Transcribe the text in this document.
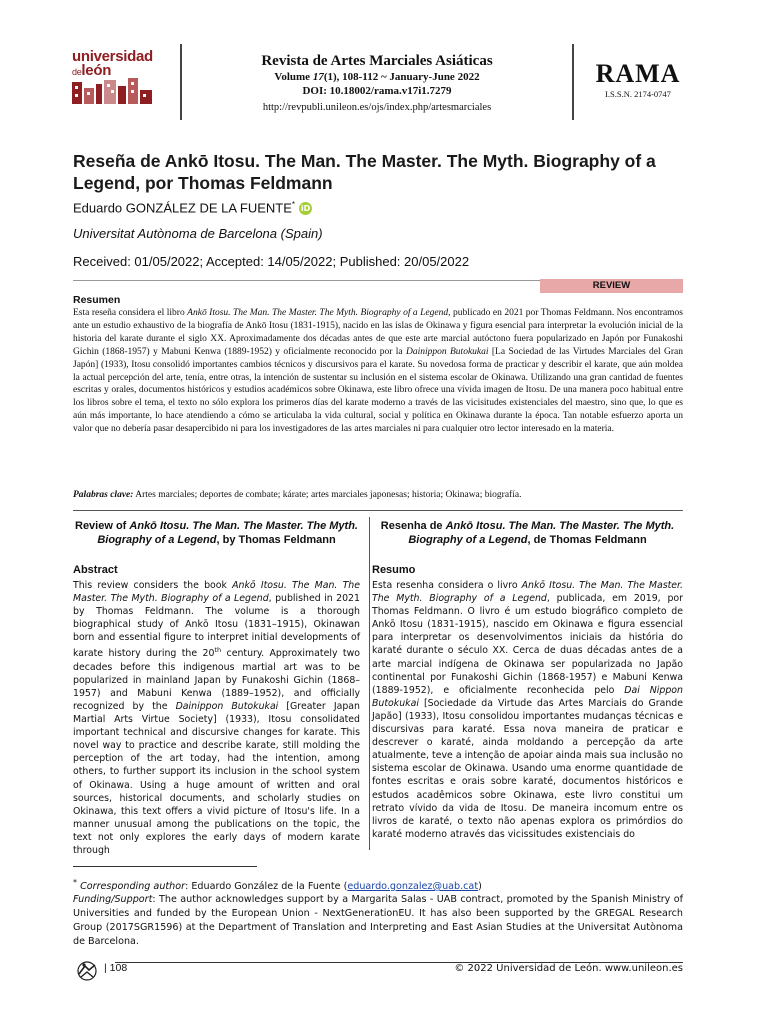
universidad
deleón
Revista de Artes Marciales Asiáticas
Volume 17(1), 108-112 ~ January-June 2022
DOI: 10.18002/rama.v17i1.7279
http://revpubli.unileon.es/ojs/index.php/artesmarciales
RAMA
I.S.S.N. 2174-0747
Reseña de Ankō Itosu. The Man. The Master. The Myth. Biography of a Legend, por Thomas Feldmann
Eduardo GONZÁLEZ DE LA FUENTE* iD
Universitat Autònoma de Barcelona (Spain)
Received: 01/05/2022; Accepted: 14/05/2022; Published: 20/05/2022
REVIEW
Resumen
Esta reseña considera el libro Ankō Itosu. The Man. The Master. The Myth. Biography of a Legend, publicado en 2021 por Thomas Feldmann. Nos encontramos ante un estudio exhaustivo de la biografía de Ankō Itosu (1831-1915), nacido en las islas de Okinawa y figura esencial para interpretar la evolución inicial de la historia del karate durante el siglo XX. Aproximadamente dos décadas antes de que este arte marcial autóctono fuera popularizado en Japón por Funakoshi Gichin (1868-1957) y Mabuni Kenwa (1889-1952) y oficialmente reconocido por la Dainippon Butokukai [La Sociedad de las Virtudes Marciales del Gran Japón] (1933), Itosu consolidó importantes cambios técnicos y discursivos para el karate. Su novedosa forma de practicar y describir el karate, que aún moldea la actual percepción del arte, tenía, entre otras, la intención de sustentar su inclusión en el sistema escolar de Okinawa. Utilizando una gran cantidad de fuentes escritas y orales, documentos históricos y estudios académicos sobre Okinawa, este libro ofrece una vívida imagen de Itosu. De una manera poco habitual entre los libros sobre el tema, el texto no sólo explora los primeros días del karate moderno a través de las vicisitudes existenciales del maestro, sino que, lo que es aún más importante, lo hace atendiendo a cómo se articulaba la vida cultural, social y política en Okinawa durante la época. Tan notable esfuerzo aporta un valor que no debería pasar desapercibido ni para los investigadores de las artes marciales ni para cualquier otro lector interesado en la materia.
Palabras clave: Artes marciales; deportes de combate; kárate; artes marciales japonesas; historia; Okinawa; biografía.
Review of Ankō Itosu. The Man. The Master. The Myth. Biography of a Legend, by Thomas Feldmann
Abstract
This review considers the book Ankō Itosu. The Man. The Master. The Myth. Biography of a Legend, published in 2021 by Thomas Feldmann. The volume is a thorough biographical study of Ankō Itosu (1831–1915), Okinawan born and essential figure to interpret initial developments of karate history during the 20th century. Approximately two decades before this indigenous martial art was to be popularized in mainland Japan by Funakoshi Gichin (1868–1957) and Mabuni Kenwa (1889–1952), and officially recognized by the Dainippon Butokukai [Greater Japan Martial Arts Virtue Society] (1933), Itosu consolidated important technical and discursive changes for karate. This novel way to practice and describe karate, still molding the perception of the art today, had the intention, among others, to further support its inclusion in the school system of Okinawa. Using a huge amount of written and oral sources, historical documents, and scholarly studies on Okinawa, this text offers a vivid picture of Itosu's life. In a manner unusual among the publications on the topic, the text not only explores the early days of modern karate through
Resenha de Ankō Itosu. The Man. The Master. The Myth. Biography of a Legend, de Thomas Feldmann
Resumo
Esta resenha considera o livro Ankō Itosu. The Man. The Master. The Myth. Biography of a Legend, publicada, em 2019, por Thomas Feldmann. O livro é um estudo biográfico completo de Ankō Itosu (1831-1915), nascido em Okinawa e figura essencial para interpretar os desenvolvimentos iniciais da história do karaté durante o século XX. Cerca de duas décadas antes de a arte marcial indígena de Okinawa ser popularizada no Japão continental por Funakoshi Gichin (1868-1957) e Mabuni Kenwa (1889-1952), e oficialmente reconhecida pelo Dai Nippon Butokukai [Sociedade da Virtude das Artes Marciais do Grande Japão] (1933), Itosu consolidou importantes mudanças técnicas e discursivas para karaté. Essa nova maneira de praticar e descrever o karaté, ainda moldando a percepção da arte atualmente, teve a intenção de apoiar ainda mais sua inclusão no sistema escolar de Okinawa. Usando uma enorme quantidade de fontes escritas e orais sobre karaté, documentos históricos e estudos acadêmicos sobre Okinawa, este livro constitui um retrato vívido da vida de Itosu. De maneira incomum entre os livros de karaté, o texto não apenas explora os primórdios do karaté moderno através das vicissitudes existenciais do
* Corresponding author: Eduardo González de la Fuente (eduardo.gonzalez@uab.cat)
Funding/Support: The author acknowledges support by a Margarita Salas - UAB contract, promoted by the Spanish Ministry of Universities and funded by the European Union - NextGenerationEU. It has also been supported by the GREGAL Research Group (2017SGR1596) at the Department of Translation and Interpreting and East Asian Studies at the Universitat Autònoma de Barcelona.
| 108	© 2022 Universidad de León. www.unileon.es
